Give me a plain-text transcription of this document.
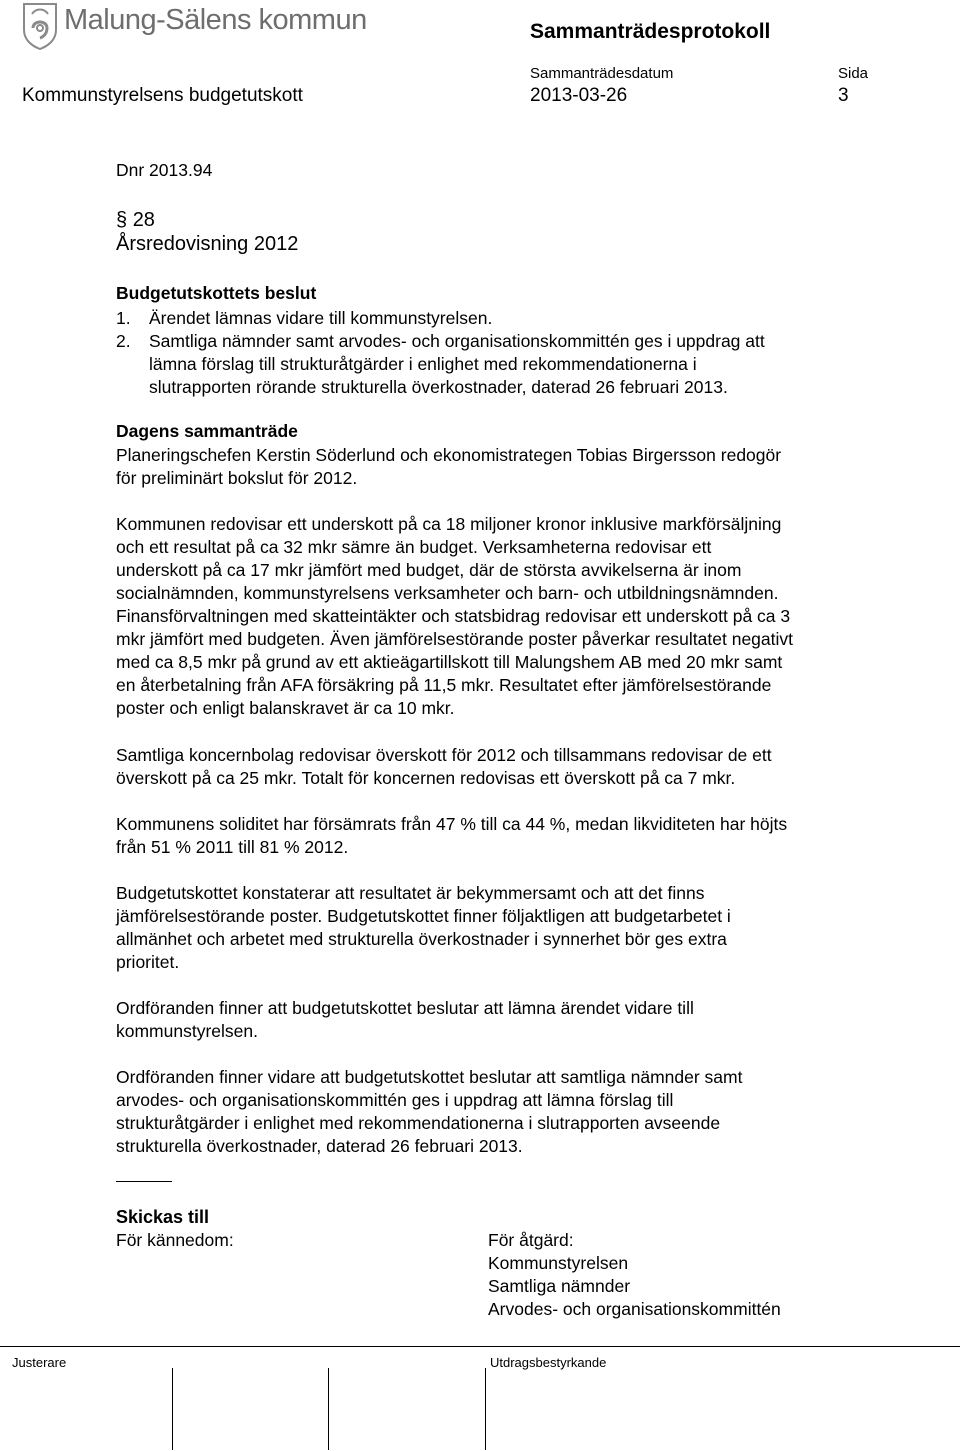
Malung-Sälens kommun	Sammanträdesprotokoll
Kommunstyrelsens budgetutskott
Sammanträdesdatum
2013-03-26
Sida
3
Dnr 2013.94
§ 28
Årsredovisning 2012
Budgetutskottets beslut
1. Ärendet lämnas vidare till kommunstyrelsen.
2. Samtliga nämnder samt arvodes- och organisationskommittén ges i uppdrag att
lämna förslag till strukturåtgärder i enlighet med rekommendationerna i
slutrapporten rörande strukturella överkostnader, daterad 26 februari 2013.
Dagens sammanträde
Planeringschefen Kerstin Söderlund och ekonomistrategen Tobias Birgersson redogör
för preliminärt bokslut för 2012.
Kommunen redovisar ett underskott på ca 18 miljoner kronor inklusive markförsäljning
och ett resultat på ca 32 mkr sämre än budget. Verksamheterna redovisar ett
underskott på ca 17 mkr jämfört med budget, där de största avvikelserna är inom
socialnämnden, kommunstyrelsens verksamheter och barn- och utbildningsnämnden.
Finansförvaltningen med skatteintäkter och statsbidrag redovisar ett underskott på ca 3
mkr jämfört med budgeten. Även jämförelsestörande poster påverkar resultatet negativt
med ca 8,5 mkr på grund av ett aktieägartillskott till Malungshem AB med 20 mkr samt
en återbetalning från AFA försäkring på 11,5 mkr. Resultatet efter jämförelsestörande
poster och enligt balanskravet är ca 10 mkr.
Samtliga koncernbolag redovisar överskott för 2012 och tillsammans redovisar de ett
överskott på ca 25 mkr. Totalt för koncernen redovisas ett överskott på ca 7 mkr.
Kommunens soliditet har försämrats från 47 % till ca 44 %, medan likviditeten har höjts
från 51 % 2011 till 81 % 2012.
Budgetutskottet konstaterar att resultatet är bekymmersamt och att det finns
jämförelsestörande poster. Budgetutskottet finner följaktligen att budgetarbetet i
allmänhet och arbetet med strukturella överkostnader i synnerhet bör ges extra
prioritet.
Ordföranden finner att budgetutskottet beslutar att lämna ärendet vidare till
kommunstyrelsen.
Ordföranden finner vidare att budgetutskottet beslutar att samtliga nämnder samt
arvodes- och organisationskommittén ges i uppdrag att lämna förslag till
strukturåtgärder i enlighet med rekommendationerna i slutrapporten avseende
strukturella överkostnader, daterad 26 februari 2013.
Skickas till
För kännedom:	För åtgärd:
Kommunstyrelsen
Samtliga nämnder
Arvodes- och organisationskommittén
Justerare	Utdragsbestyrkande
